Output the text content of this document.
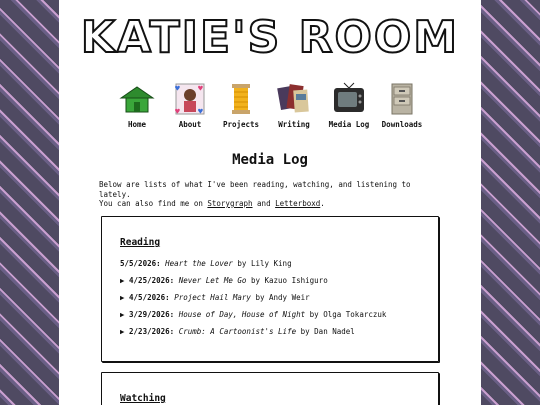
KATIE'S ROOM
Home
♥ ♥
♥ ♥
About	Projects	Writing	Media Log	Downloads
Media Log
Below are lists of what I've been reading, watching, and listening to lately.
You can also find me on Storygraph and Letterboxd.
Reading
5/5/2026: Heart the Lover by Lily King
▶ 4/25/2026: Never Let Me Go by Kazuo Ishiguro
▶ 4/5/2026: Project Hail Mary by Andy Weir
▶ 3/29/2026: House of Day, House of Night by Olga Tokarczuk
▶ 2/23/2026: Crumb: A Cartoonist's Life by Dan Nadel
Watching
